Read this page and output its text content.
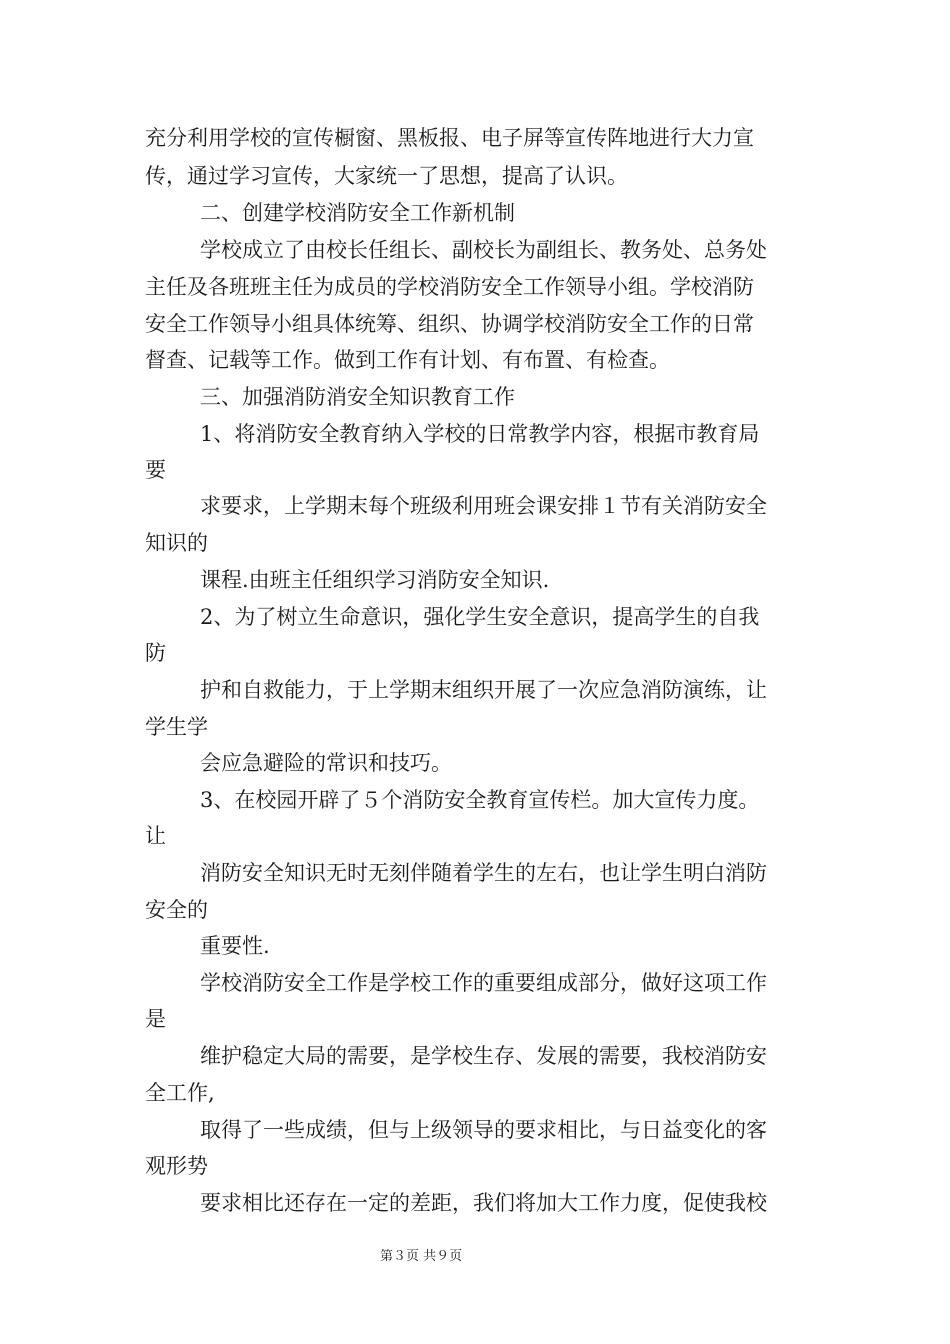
充分利用学校的宣传橱窗、黑板报、电子屏等宣传阵地进行大力宣
传，通过学习宣传，大家统一了思想，提高了认识。
二、创建学校消防安全工作新机制
学校成立了由校长任组长、副校长为副组长、教务处、总务处
主任及各班班主任为成员的学校消防安全工作领导小组。学校消防
安全工作领导小组具体统筹、组织、协调学校消防安全工作的日常
督查、记载等工作。做到工作有计划、有布置、有检查。
三、加强消防消安全知识教育工作
1、将消防安全教育纳入学校的日常教学内容，根据市教育局
要
求要求，上学期末每个班级利用班会课安排１节有关消防安全
知识的
课程.由班主任组织学习消防安全知识.
2、为了树立生命意识，强化学生安全意识，提高学生的自我
防
护和自救能力，于上学期末组织开展了一次应急消防演练，让
学生学
会应急避险的常识和技巧。
3、在校园开辟了５个消防安全教育宣传栏。加大宣传力度。
让
消防安全知识无时无刻伴随着学生的左右，也让学生明白消防
安全的
重要性.
学校消防安全工作是学校工作的重要组成部分，做好这项工作
是
维护稳定大局的需要，是学校生存、发展的需要，我校消防安
全工作,
取得了一些成绩，但与上级领导的要求相比，与日益变化的客
观形势
要求相比还存在一定的差距，我们将加大工作力度，促使我校
第３页 共９页
